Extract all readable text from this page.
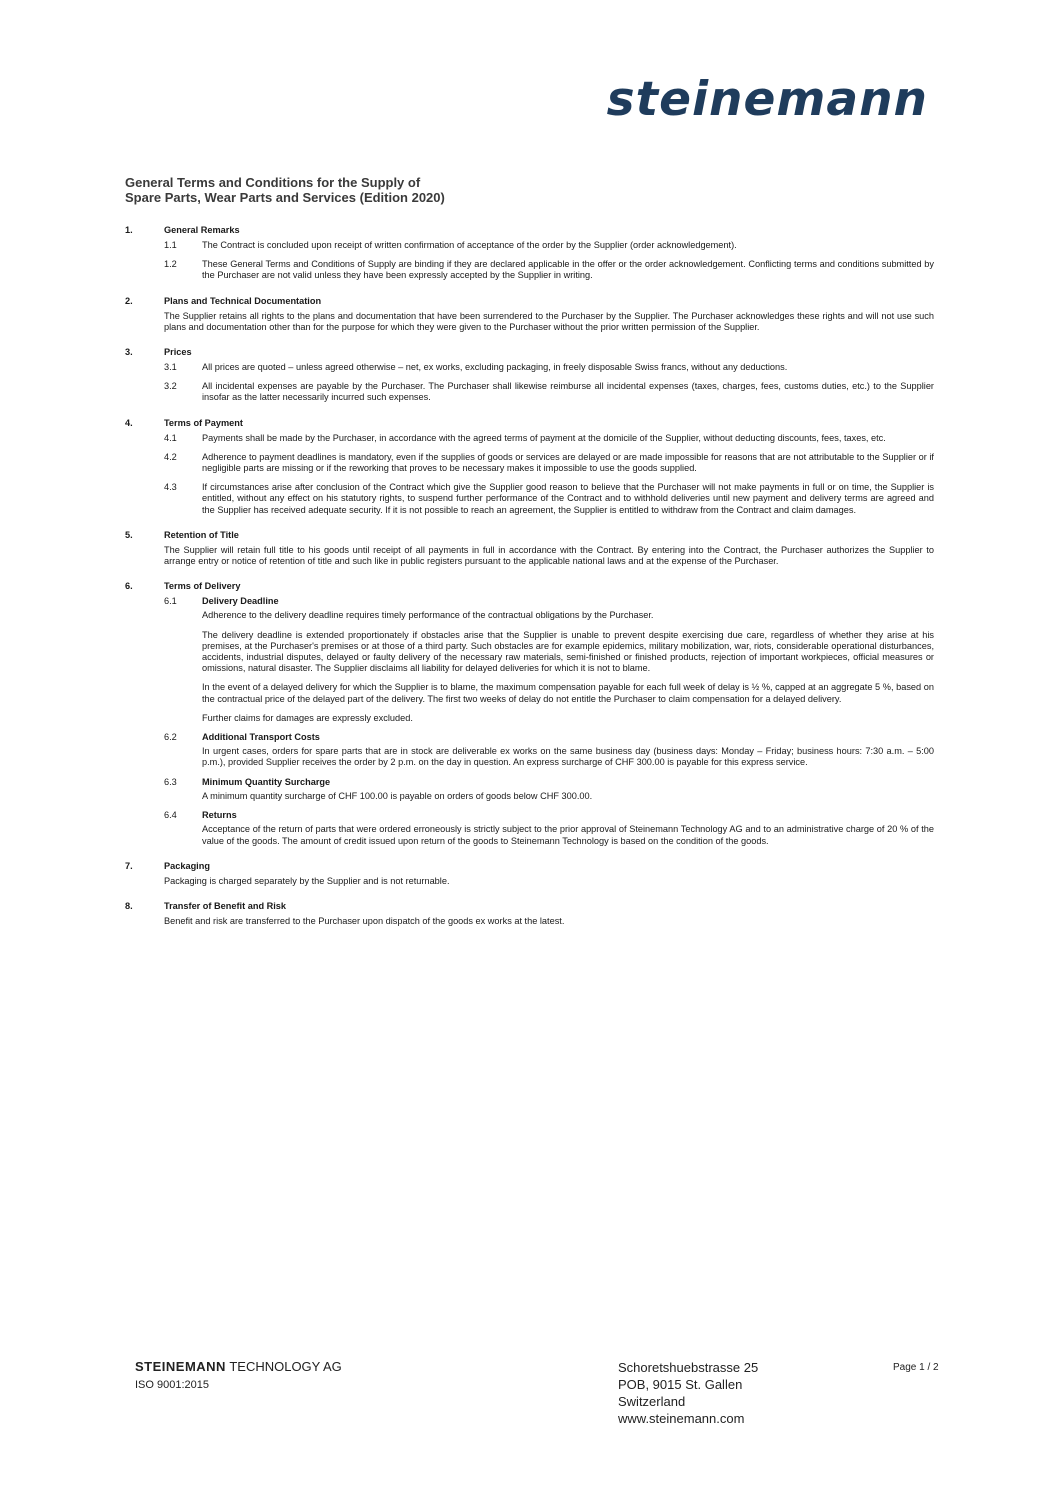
steinemann
General Terms and Conditions for the Supply of
Spare Parts, Wear Parts and Services (Edition 2020)
1.	General Remarks
1.1	The Contract is concluded upon receipt of written confirmation of acceptance of the order by the Supplier (order acknowledgement).
1.2	These General Terms and Conditions of Supply are binding if they are declared applicable in the offer or the order acknowledgement. Conflicting terms and conditions submitted by the Purchaser are not valid unless they have been expressly accepted by the Supplier in writing.
2.	Plans and Technical Documentation
The Supplier retains all rights to the plans and documentation that have been surrendered to the Purchaser by the Supplier. The Purchaser acknowledges these rights and will not use such plans and documentation other than for the purpose for which they were given to the Purchaser without the prior written permission of the Supplier.
3.	Prices
3.1	All prices are quoted – unless agreed otherwise – net, ex works, excluding packaging, in freely disposable Swiss francs, without any deductions.
3.2	All incidental expenses are payable by the Purchaser. The Purchaser shall likewise reimburse all incidental expenses (taxes, charges, fees, customs duties, etc.) to the Supplier insofar as the latter necessarily incurred such expenses.
4.	Terms of Payment
4.1	Payments shall be made by the Purchaser, in accordance with the agreed terms of payment at the domicile of the Supplier, without deducting discounts, fees, taxes, etc.
4.2	Adherence to payment deadlines is mandatory, even if the supplies of goods or services are delayed or are made impossible for reasons that are not attributable to the Supplier or if negligible parts are missing or if the reworking that proves to be necessary makes it impossible to use the goods supplied.
4.3	If circumstances arise after conclusion of the Contract which give the Supplier good reason to believe that the Purchaser will not make payments in full or on time, the Supplier is entitled, without any effect on his statutory rights, to suspend further performance of the Contract and to withhold deliveries until new payment and delivery terms are agreed and the Supplier has received adequate security. If it is not possible to reach an agreement, the Supplier is entitled to withdraw from the Contract and claim damages.
5.	Retention of Title
The Supplier will retain full title to his goods until receipt of all payments in full in accordance with the Contract. By entering into the Contract, the Purchaser authorizes the Supplier to arrange entry or notice of retention of title and such like in public registers pursuant to the applicable national laws and at the expense of the Purchaser.
6.	Terms of Delivery
6.1	Delivery Deadline
Adherence to the delivery deadline requires timely performance of the contractual obligations by the Purchaser.
The delivery deadline is extended proportionately if obstacles arise that the Supplier is unable to prevent despite exercising due care, regardless of whether they arise at his premises, at the Purchaser's premises or at those of a third party. Such obstacles are for example epidemics, military mobilization, war, riots, considerable operational disturbances, accidents, industrial disputes, delayed or faulty delivery of the necessary raw materials, semi-finished or finished products, rejection of important workpieces, official measures or omissions, natural disaster. The Supplier disclaims all liability for delayed deliveries for which it is not to blame.
In the event of a delayed delivery for which the Supplier is to blame, the maximum compensation payable for each full week of delay is ½ %, capped at an aggregate 5 %, based on the contractual price of the delayed part of the delivery. The first two weeks of delay do not entitle the Purchaser to claim compensation for a delayed delivery.
Further claims for damages are expressly excluded.
6.2	Additional Transport Costs
In urgent cases, orders for spare parts that are in stock are deliverable ex works on the same business day (business days: Monday – Friday; business hours: 7:30 a.m. – 5:00 p.m.), provided Supplier receives the order by 2 p.m. on the day in question. An express surcharge of CHF 300.00 is payable for this express service.
6.3	Minimum Quantity Surcharge
A minimum quantity surcharge of CHF 100.00 is payable on orders of goods below CHF 300.00.
6.4	Returns
Acceptance of the return of parts that were ordered erroneously is strictly subject to the prior approval of Steinemann Technology AG and to an administrative charge of 20 % of the value of the goods. The amount of credit issued upon return of the goods to Steinemann Technology is based on the condition of the goods.
7.	Packaging
Packaging is charged separately by the Supplier and is not returnable.
8.	Transfer of Benefit and Risk
Benefit and risk are transferred to the Purchaser upon dispatch of the goods ex works at the latest.
STEINEMANN TECHNOLOGY AG
ISO 9001:2015
Schoretshuebstrasse 25
POB, 9015 St. Gallen
Switzerland
www.steinemann.com
Page 1 / 2
